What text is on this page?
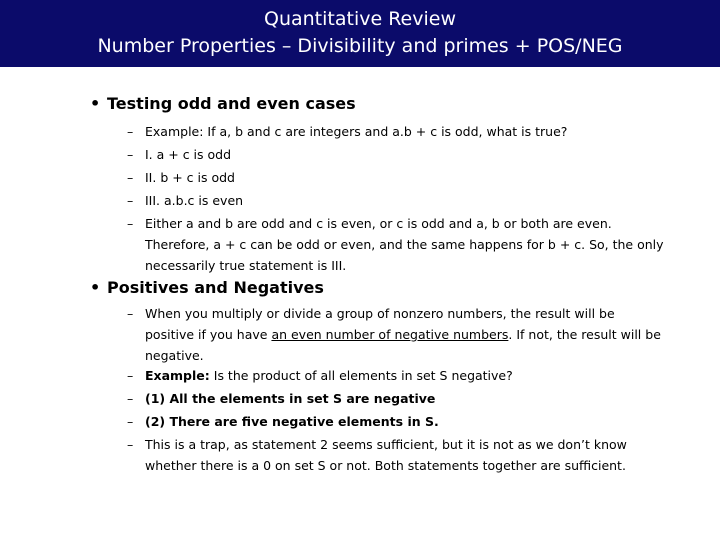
Quantitative Review
Number Properties – Divisibility and primes + POS/NEG
• Testing odd and even cases
– Example: If a, b and c are integers and a.b + c is odd, what is true?
– I. a + c is odd
– II. b + c is odd
– III. a.b.c is even
– Either a and b are odd and c is even, or c is odd and a, b or both are even. Therefore, a + c can be odd or even, and the same happens for b + c. So, the only necessarily true statement is III.
• Positives and Negatives
– When you multiply or divide a group of nonzero numbers, the result will be positive if you have an even number of negative numbers. If not, the result will be negative.
– Example: Is the product of all elements in set S negative?
– (1) All the elements in set S are negative
– (2) There are five negative elements in S.
– This is a trap, as statement 2 seems sufficient, but it is not as we don’t know whether there is a 0 on set S or not. Both statements together are sufficient.
